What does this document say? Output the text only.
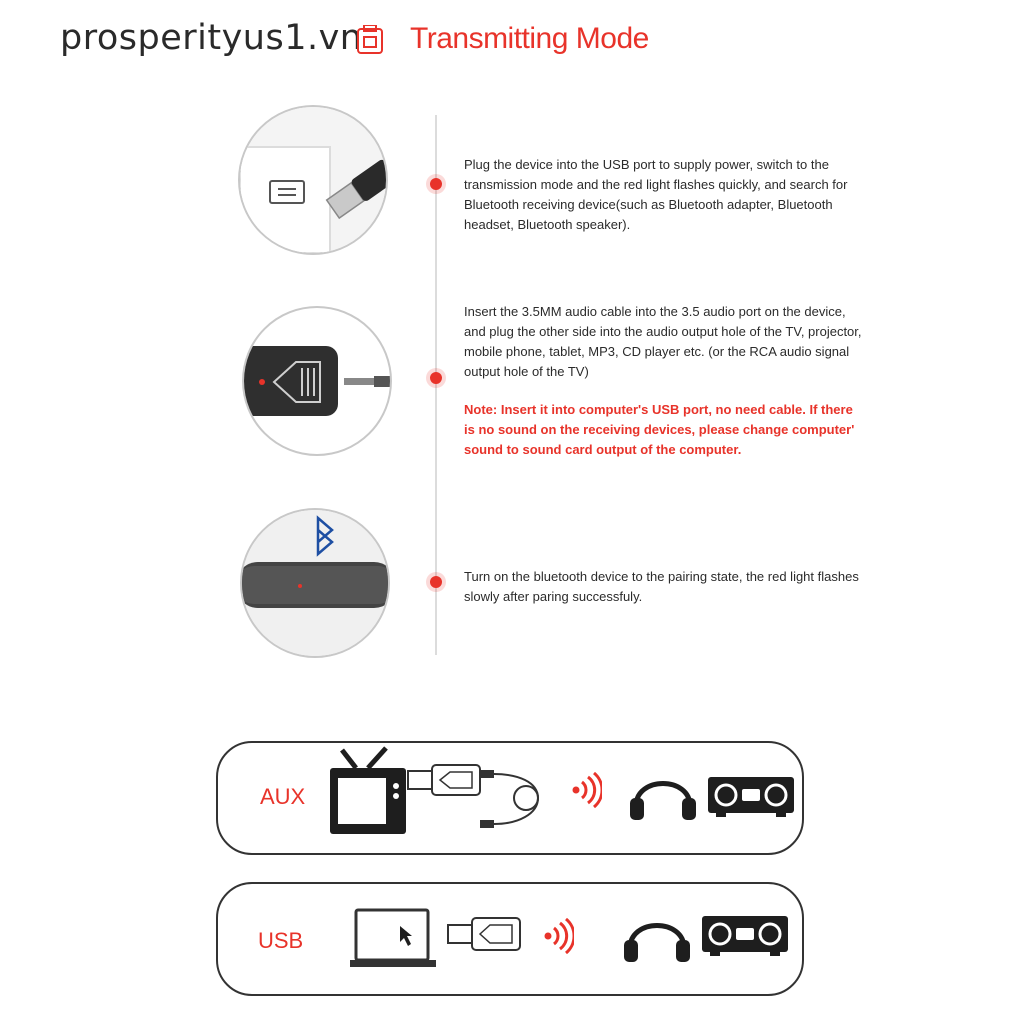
prosperityus1.vn Transmitting Mode
Plug the device into the USB port to supply power, switch to the transmission mode and the red light flashes quickly, and search for Bluetooth receiving device(such as Bluetooth adapter, Bluetooth headset, Bluetooth speaker).
Insert the 3.5MM audio cable into the 3.5 audio port on the device, and plug the other side into the audio output hole of the TV, projector, mobile phone, tablet, MP3, CD player etc. (or the RCA audio signal output hole of the TV)
Note: Insert it into computer's USB port, no need cable. If there is no sound on the receiving devices, please change computer' sound to sound card output of the computer.
Turn on the bluetooth device to the pairing state, the red light flashes slowly after paring successfuly.
AUX
USB
